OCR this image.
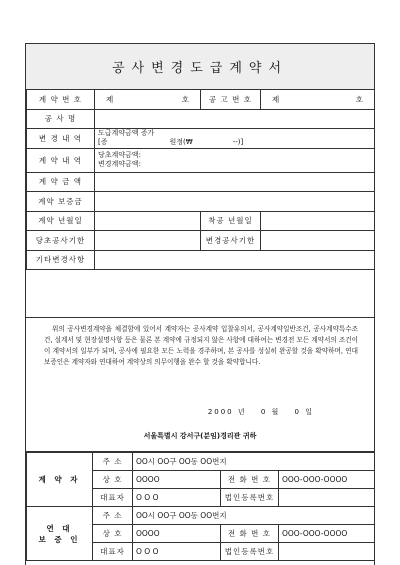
공사변경도급계약서
계 약 번 호	제 호	공 고 번 호	제 호

공 사 명			
변 경 내 역	도급계약금액 증가
[증 원정(₩ --)]		

계 약 내 역	당초계약금액:
변경계약금액:		

계 약 금 액			
계약 보증금			
계약 년월일		착공 년월일	
당초공사기한		변경공사기한	
기타변경사항			

위의 공사변경계약을 체결함에 있어서 계약자는 공사계약 입찰유의서, 공사계약일반조건, 공사계약특수조건, 설계서 및 현장설명사항 등은 물론 본 계약에 규정되지 않은 사항에 대하여는 변경전 모든 계약서의 조건이 이 계약서의 일부가 되며, 공사에 필요한 모든 노력을 경주하며, 본 공사를 성실히 완공할 것을 확약하며, 연대보증인은 계약자와 연대하여 계약상의 의무이행을 완수 할 것을 확약합니다.

2000 년 0 월 0 일
서울특별시 강서구(분임)경리관 귀하
계 약 자	주 소	OO시 OO구 OO동 OO번지		
	상 호	OOOO	전 화 번 호	OOO-OOO-OOOO
	대표자	O O O	법인등록번호	

연 대
보 증 인	주 소	OO시 OO구 OO동 OO번지		
	상 호	OOOO	전 화 번 호	OOO-OOO-OOOO
	대표자	O O O	법인등록번호	
